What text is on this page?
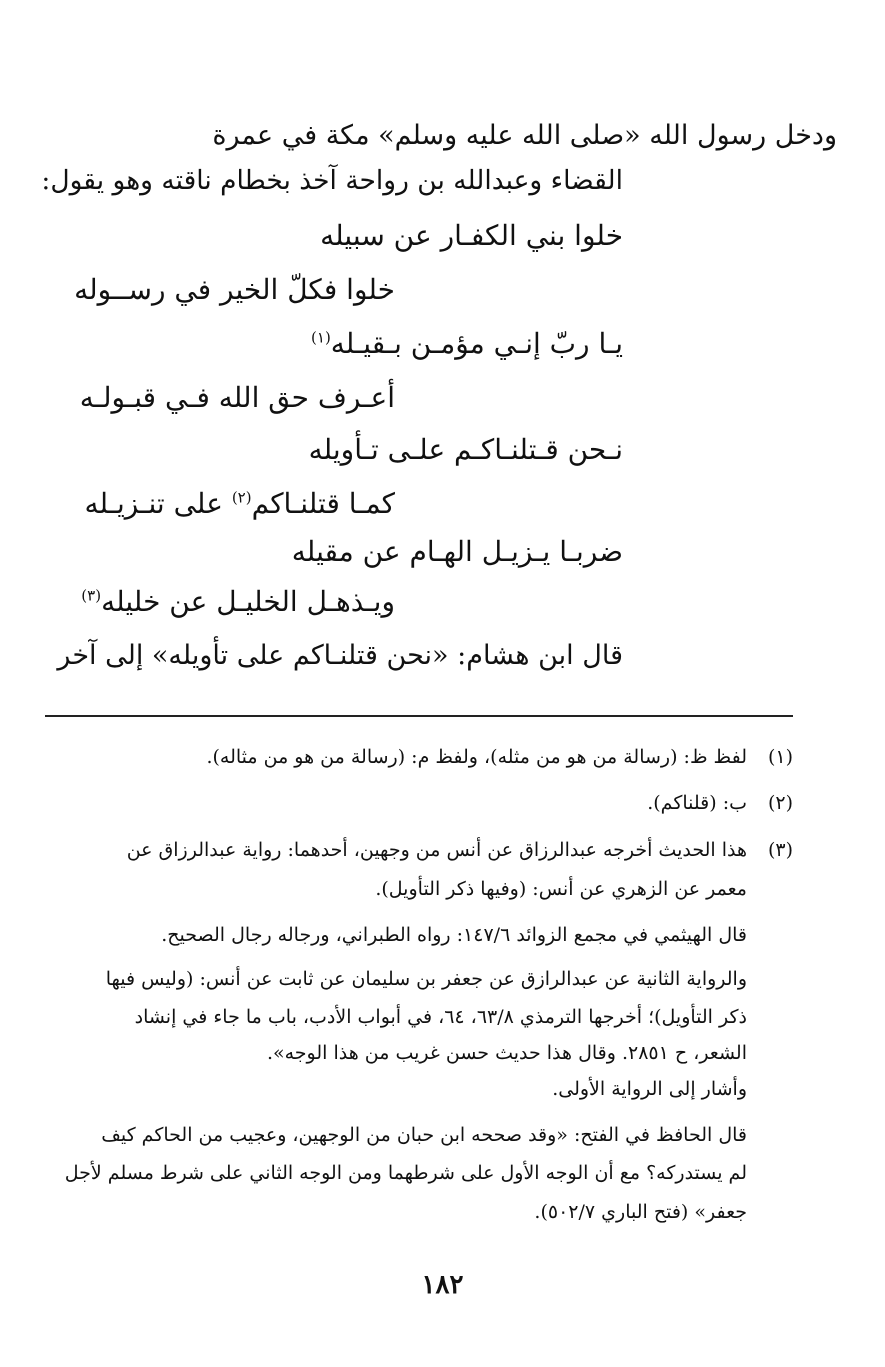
ودخل رسول الله «صلى الله عليه وسلم» مكة في عمرة
القضاء وعبدالله بن رواحة آخذ بخطام ناقته وهو يقول:
خلوا بني الكفـار عن سبيله
خلوا فكلّ الخير في رســوله
يـا ربّ إنـي مؤمـن بـقيـله$^{(١)}$
أعـرف حق الله فـي قبـولـه
نـحن قـتلنـاكـم علـى تـأويله
كمـا قتلنـاكم$^{(٢)}$ على تنـزيـله
ضربـا يـزيـل الهـام عن مقيله
ويـذهـل الخليـل عن خليله$^{(٣)}$
قال ابن هشام: «نحن قتلنـاكم على تأويله» إلى آخر
(١)
لفظ ظ: (رسالة من هو من مثله)، ولفظ م: (رسالة من هو من مثاله).
(٢)
ب: (قلناكم).
(٣)
هذا الحديث أخرجه عبدالرزاق عن أنس من وجهين، أحدهما: رواية عبدالرزاق عن
معمر عن الزهري عن أنس: (وفيها ذكر التأويل).
قال الهيثمي في مجمع الزوائد ١٤٧/٦: رواه الطبراني، ورجاله رجال الصحيح.
والرواية الثانية عن عبدالرازق عن جعفر بن سليمان عن ثابت عن أنس: (وليس فيها
ذكر التأويل)؛ أخرجها الترمذي ٦٣/٨، ٦٤، في أبواب الأدب، باب ما جاء في إنشاد
الشعر، ح ٢٨٥١. وقال هذا حديث حسن غريب من هذا الوجه».
وأشار إلى الرواية الأولى.
قال الحافظ في الفتح: «وقد صححه ابن حبان من الوجهين، وعجيب من الحاكم كيف
لم يستدركه؟ مع أن الوجه الأول على شرطهما ومن الوجه الثاني على شرط مسلم لأجل
جعفر» (فتح الباري ٥٠٢/٧).
١٨٢
